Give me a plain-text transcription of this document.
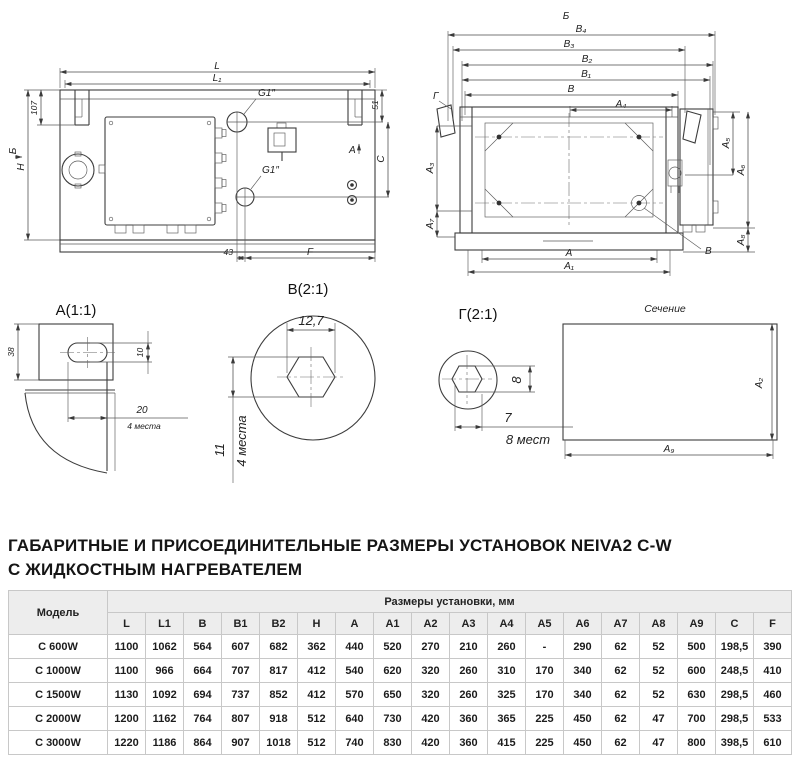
L
L₁
H
107
Б
G1″
G1″
51
C
A
43	F
Б
B₄
B₃
B₂
B₁
B
A₄
Г
A₃
A₇
A₅
A₆
A₈
A
A₁
B
A(1:1)
38	10
20
4 места
B(2:1)
12,7
11 4 места
Г(2:1)
8
7
8 мест
Сечение
A₂
A₉
ГАБАРИТНЫЕ И ПРИСОЕДИНИТЕЛЬНЫЕ РАЗМЕРЫ УСТАНОВОК NEIVA2 C-W
С ЖИДКОСТНЫМ НАГРЕВАТЕЛЕМ
Модель	Размеры установки, мм																	
	L	L1	B	B1	B2	H	A	A1	A2	A3	A4	A5	A6	A7	A8	A9	C	F
C 600W	1100	1062	564	607	682	362	440	520	270	210	260	-	290	62	52	500	198,5	390
C 1000W	1100	966	664	707	817	412	540	620	320	260	310	170	340	62	52	600	248,5	410
C 1500W	1130	1092	694	737	852	412	570	650	320	260	325	170	340	62	52	630	298,5	460
C 2000W	1200	1162	764	807	918	512	640	730	420	360	365	225	450	62	47	700	298,5	533
C 3000W	1220	1186	864	907	1018	512	740	830	420	360	415	225	450	62	47	800	398,5	610
